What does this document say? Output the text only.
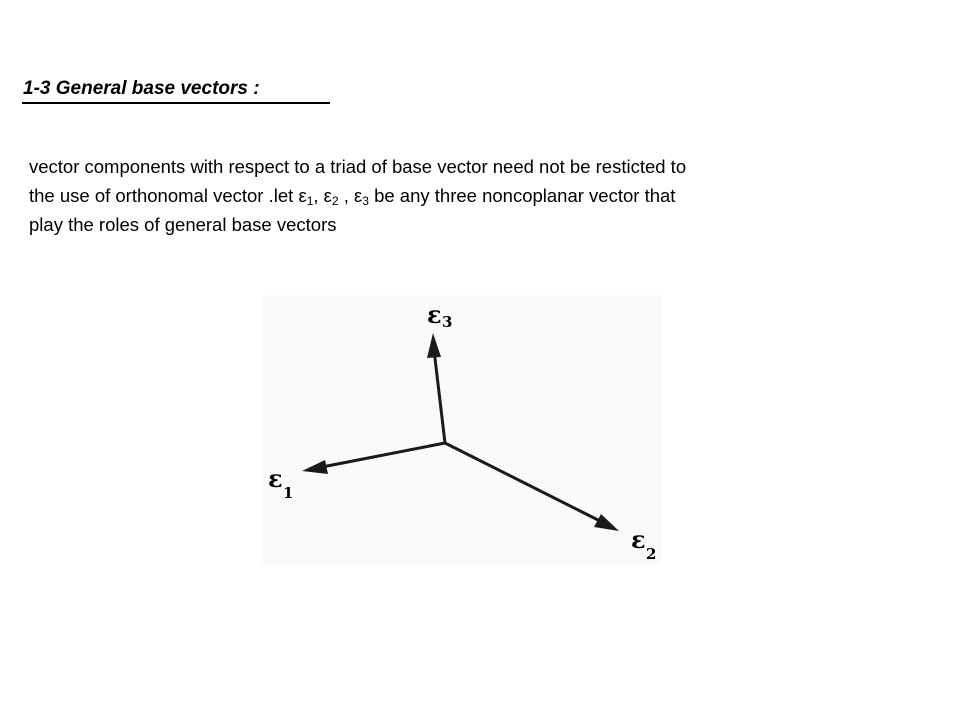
1-3 General base vectors :
vector components with respect to a triad of base vector need not be resticted to
the use of orthonomal vector .let $\varepsilon_1$, $\varepsilon_2$ , $\varepsilon_3$ be any three noncoplanar vector that
play the roles of general base vectors
ε 3
ε 1
ε 2
